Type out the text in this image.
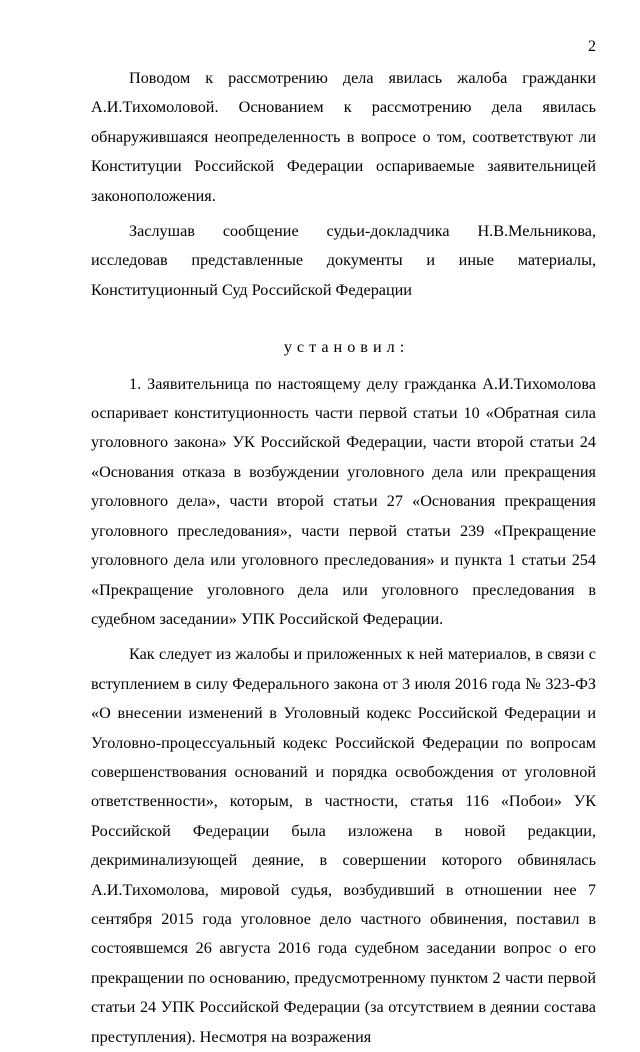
2

Поводом к рассмотрению дела явилась жалоба гражданки А.И.Тихомоловой. Основанием к рассмотрению дела явилась обнаружившаяся неопределенность в вопросе о том, соответствуют ли Конституции Российской Федерации оспариваемые заявительницей законоположения.

Заслушав сообщение судьи-докладчика Н.В.Мельникова, исследовав представленные документы и иные материалы, Конституционный Суд Российской Федерации

установил:

1. Заявительница по настоящему делу гражданка А.И.Тихомолова оспаривает конституционность части первой статьи 10 «Обратная сила уголовного закона» УК Российской Федерации, части второй статьи 24 «Основания отказа в возбуждении уголовного дела или прекращения уголовного дела», части второй статьи 27 «Основания прекращения уголовного преследования», части первой статьи 239 «Прекращение уголовного дела или уголовного преследования» и пункта 1 статьи 254 «Прекращение уголовного дела или уголовного преследования в судебном заседании» УПК Российской Федерации.

Как следует из жалобы и приложенных к ней материалов, в связи с вступлением в силу Федерального закона от 3 июля 2016 года № 323-ФЗ «О внесении изменений в Уголовный кодекс Российской Федерации и Уголовно-процессуальный кодекс Российской Федерации по вопросам совершенствования оснований и порядка освобождения от уголовной ответственности», которым, в частности, статья 116 «Побои» УК Российской Федерации была изложена в новой редакции, декриминализующей деяние, в совершении которого обвинялась А.И.Тихомолова, мировой судья, возбудивший в отношении нее 7 сентября 2015 года уголовное дело частного обвинения, поставил в состоявшемся 26 августа 2016 года судебном заседании вопрос о его прекращении по основанию, предусмотренному пунктом 2 части первой статьи 24 УПК Российской Федерации (за отсутствием в деянии состава преступления). Несмотря на возражения
